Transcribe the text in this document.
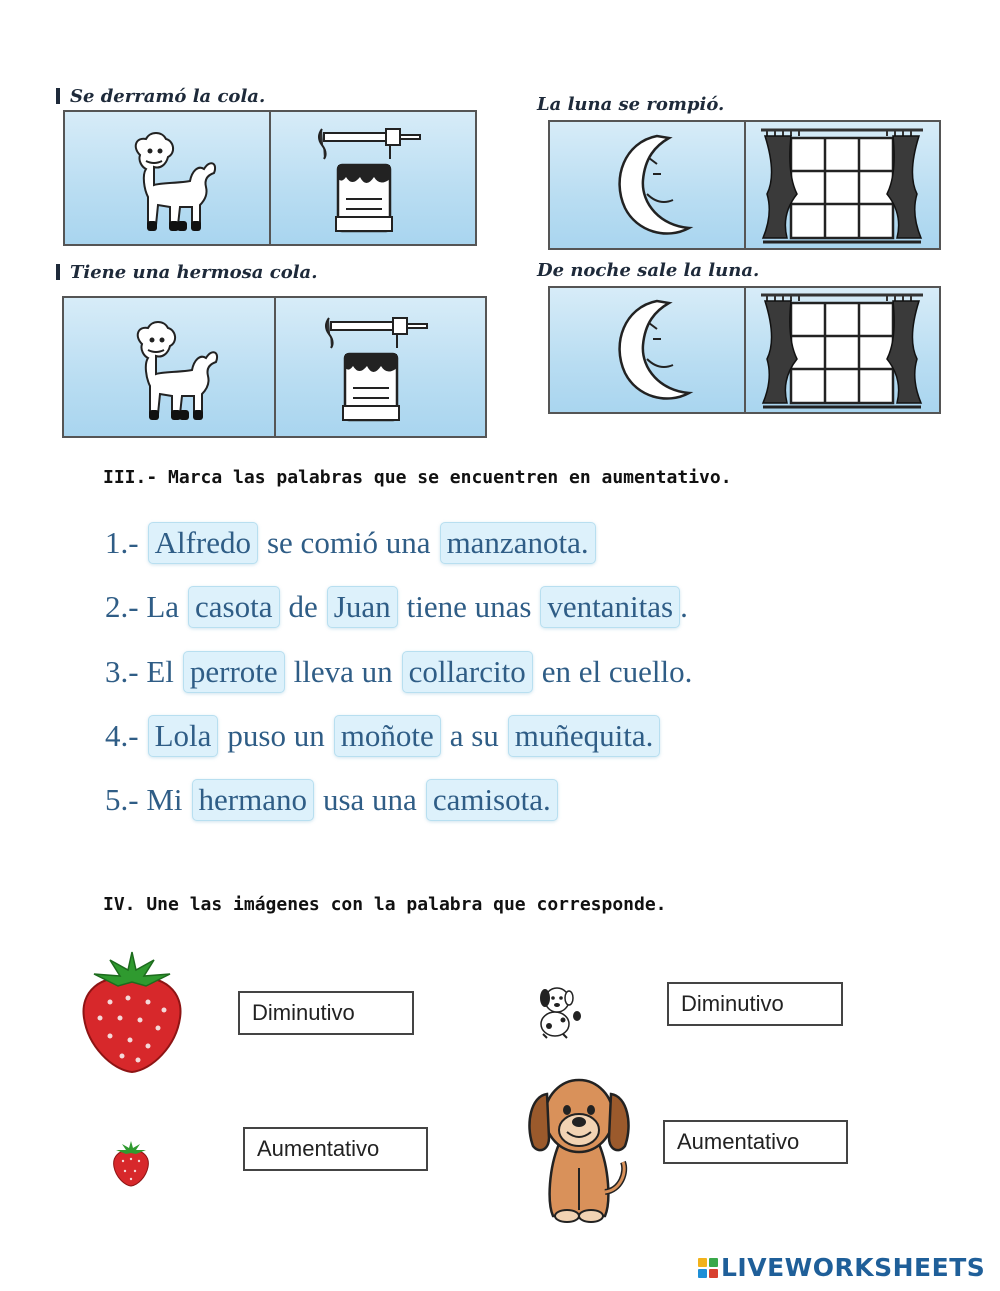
Se derramó la cola.	La luna se rompió.
Tiene una hermosa cola.	De noche sale la luna.
III.- Marca las palabras que se encuentren en aumentativo.
1.- Alfredo se comió una manzanota.
2.- La casota de Juan tiene unas ventanitas .
3.- El perrote lleva un collarcito en el cuello.
4.- Lola puso un moñote a su muñequita.
5.- Mi hermano usa una camisota.
IV. Une las imágenes con la palabra que corresponde.
Diminutivo
Aumentativo
Diminutivo
Aumentativo
LIVEWORKSHEETS
